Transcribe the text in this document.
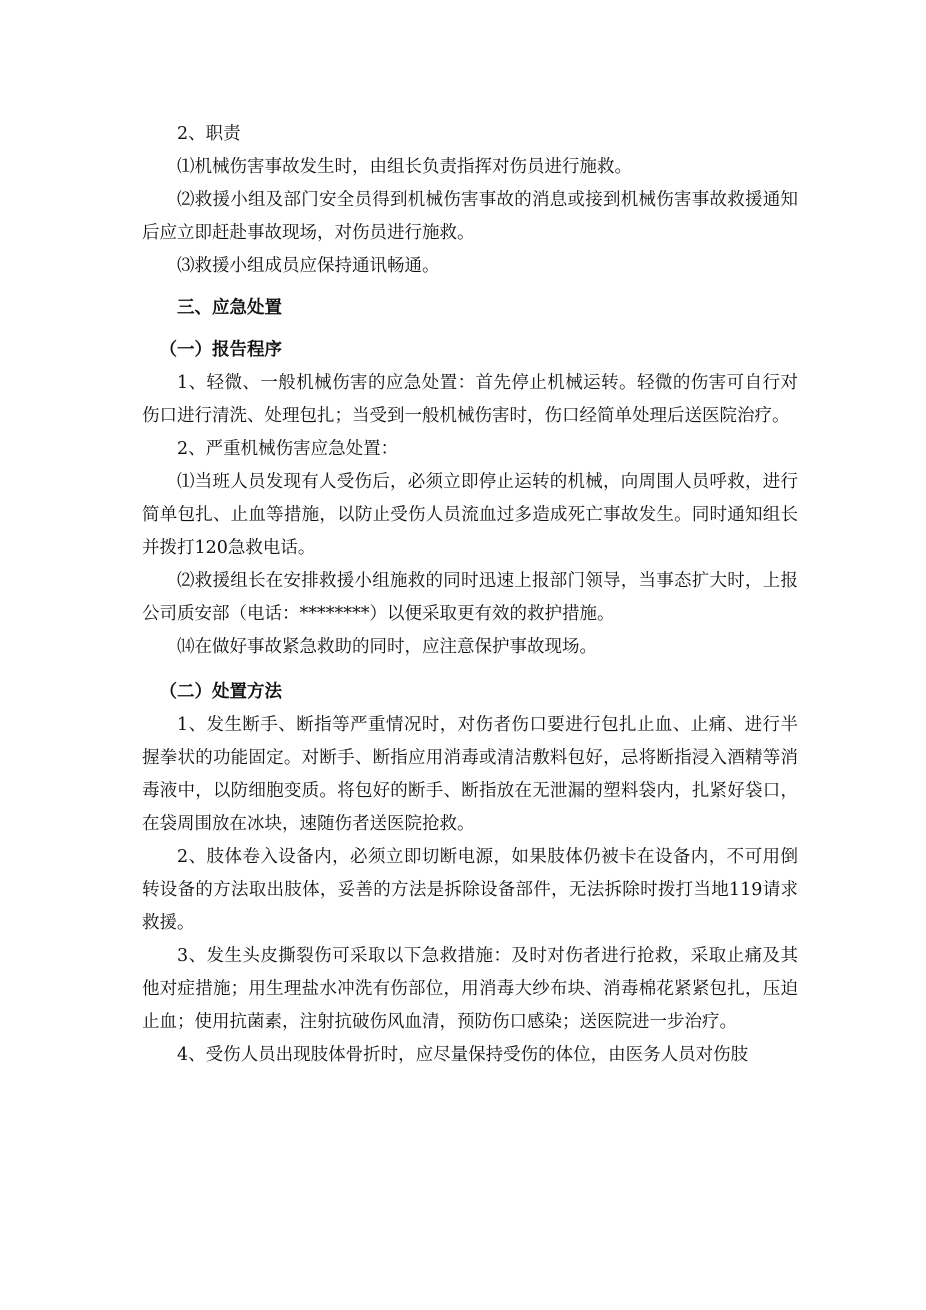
2、职责

⑴机械伤害事故发生时，由组长负责指挥对伤员进行施救。

⑵救援小组及部门安全员得到机械伤害事故的消息或接到机械伤害事故救援通知后应立即赶赴事故现场，对伤员进行施救。

⑶救援小组成员应保持通讯畅通。

三、应急处置
（一）报告程序

1、轻微、一般机械伤害的应急处置：首先停止机械运转。轻微的伤害可自行对伤口进行清洗、处理包扎；当受到一般机械伤害时，伤口经简单处理后送医院治疗。

2、严重机械伤害应急处置：

⑴当班人员发现有人受伤后，必须立即停止运转的机械，向周围人员呼救，进行简单包扎、止血等措施，以防止受伤人员流血过多造成死亡事故发生。同时通知组长并拨打120急救电话。

⑵救援组长在安排救援小组施救的同时迅速上报部门领导，当事态扩大时，上报公司质安部（电话：********）以便采取更有效的救护措施。

⒁在做好事故紧急救助的同时，应注意保护事故现场。

（二）处置方法

1、发生断手、断指等严重情况时，对伤者伤口要进行包扎止血、止痛、进行半握拳状的功能固定。对断手、断指应用消毒或清洁敷料包好，忌将断指浸入酒精等消毒液中，以防细胞变质。将包好的断手、断指放在无泄漏的塑料袋内，扎紧好袋口，在袋周围放在冰块，速随伤者送医院抢救。

2、肢体卷入设备内，必须立即切断电源，如果肢体仍被卡在设备内，不可用倒转设备的方法取出肢体，妥善的方法是拆除设备部件，无法拆除时拨打当地119请求救援。

3、发生头皮撕裂伤可采取以下急救措施：及时对伤者进行抢救，采取止痛及其他对症措施；用生理盐水冲洗有伤部位，用消毒大纱布块、消毒棉花紧紧包扎，压迫止血；使用抗菌素，注射抗破伤风血清，预防伤口感染；送医院进一步治疗。

4、受伤人员出现肢体骨折时，应尽量保持受伤的体位，由医务人员对伤肢
